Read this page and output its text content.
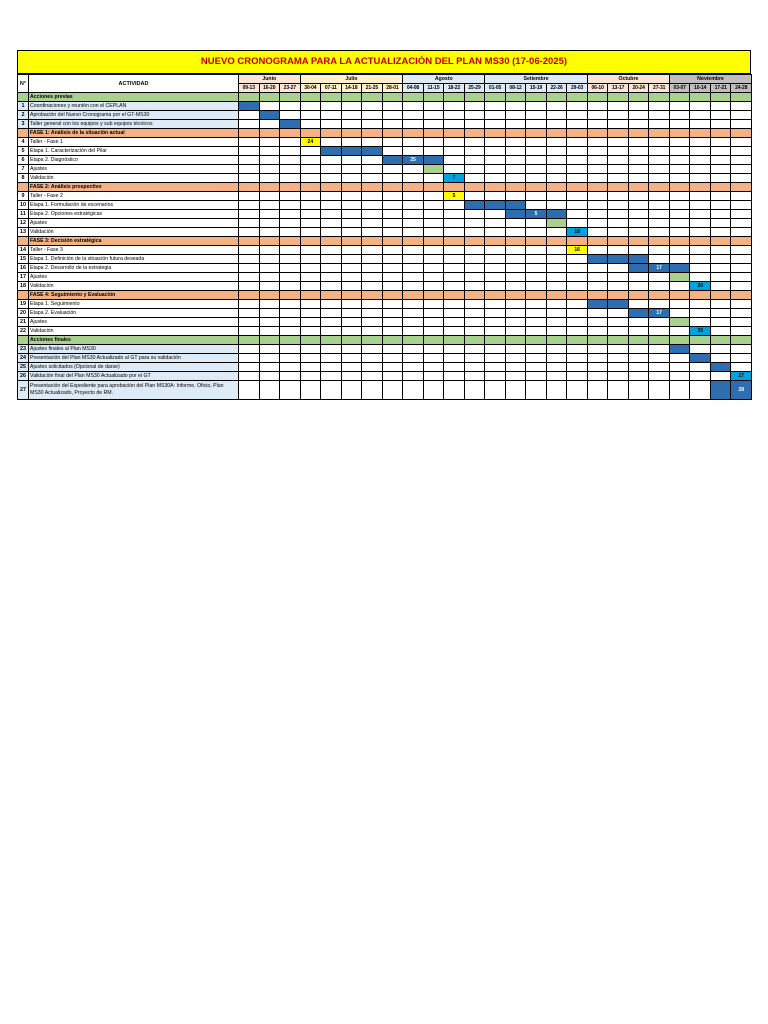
NUEVO CRONOGRAMA PARA LA ACTUALIZACIÓN DEL PLAN MS30 (17-06-2025)
N°	ACTIVIDAD	Junio			Julio					Agosto				Setiembre					Octubre				Noviembre			
		09-13	16-20	23-27	30-04	07-11	14-18	21-25	28-01	04-08	11-15	18-22	25-29	01-05	08-12	15-19	22-26	29-03	06-10	13-17	20-24	27-31	03-07	10-14	17-21	24-28
	Acciones previas																									
1	Coordinaciones y reunión con el CEPLAN																									
2	Aprobación del Nuevo Cronograma por el GT-MS30																									
3	Taller general con los equipos y sub equipos técnicos																									
	FASE 1: Análisis de la situación actual																									
4	Taller - Fase 1				24																					
5	Etapa 1. Caracterización del Pilar																									
6	Etapa 2. Diagnóstico									25																
7	Ajustes																									
8	Validación											7														
	FASE 2: Análisis prospectivo																									
9	Taller - Fase 2											5														
10	Etapa 1. Formulación de escenarios																									
11	Etapa 2. Opciones estratégicas															5										
12	Ajustes																									
13	Validación																	18								
	FASE 3: Decisión estratégica																									
14	Taller - Fase 3																	16								
15	Etapa 1. Definición de la situación futura deseada																									
16	Etapa 2. Desarrollo de la estrategia																					17				
17	Ajustes																									
18	Validación																							30		
	FASE 4: Seguimiento y Evaluación																									
19	Etapa 1. Seguimiento																									
20	Etapa 2. Evaluación																					17				
21	Ajustes																									
22	Validación																							30		
	Acciones finales																									
23	Ajustes finales al Plan MS30																									
24	Presentación del Plan MS30 Actualizado al GT para su validación																									
25	Ajustes solicitados (Opcional de darse)																									
26	Validación final del Plan MS30 Actualizado por el GT																									27
27	Presentación del Expediente para aprobación del Plan MS30A: Informe, Oficio, Plan MS30 Actualizado, Proyecto de RM.																									28
